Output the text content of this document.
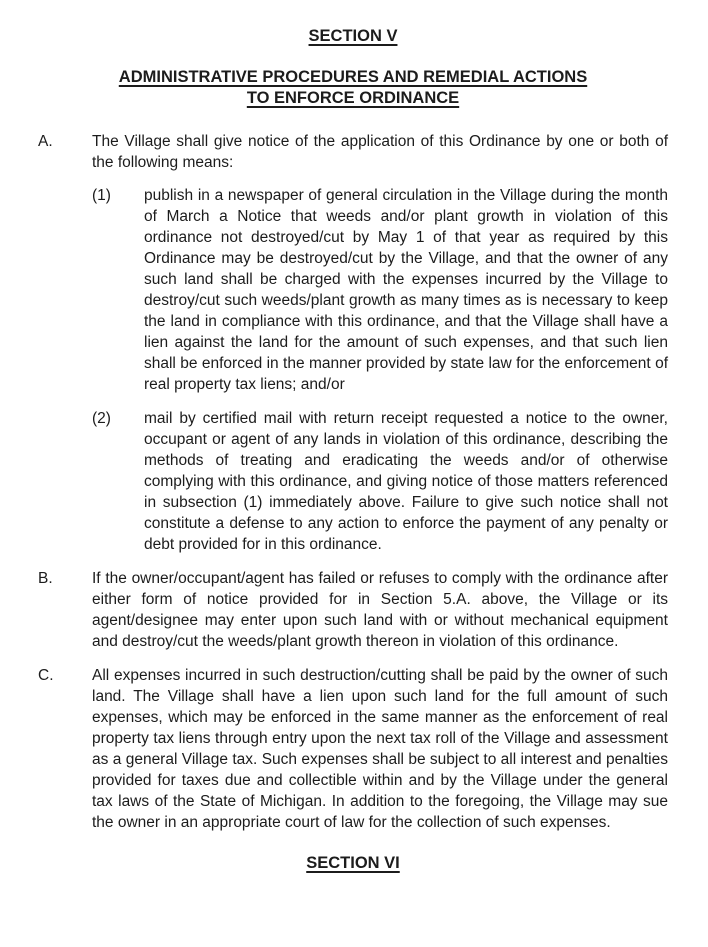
SECTION V
ADMINISTRATIVE PROCEDURES AND REMEDIAL ACTIONS
TO ENFORCE ORDINANCE
A.	The Village shall give notice of the application of this Ordinance by one or both of the following means:

(1)	publish in a newspaper of general circulation in the Village during the month of March a Notice that weeds and/or plant growth in violation of this ordinance not destroyed/cut by May 1 of that year as required by this Ordinance may be destroyed/cut by the Village, and that the owner of any such land shall be charged with the expenses incurred by the Village to destroy/cut such weeds/plant growth as many times as is necessary to keep the land in compliance with this ordinance, and that the Village shall have a lien against the land for the amount of such expenses, and that such lien shall be enforced in the manner provided by state law for the enforcement of real property tax liens; and/or

(2)	mail by certified mail with return receipt requested a notice to the owner, occupant or agent of any lands in violation of this ordinance, describing the methods of treating and eradicating the weeds and/or of otherwise complying with this ordinance, and giving notice of those matters referenced in subsection (1) immediately above. Failure to give such notice shall not constitute a defense to any action to enforce the payment of any penalty or debt provided for in this ordinance.

B.	If the owner/occupant/agent has failed or refuses to comply with the ordinance after either form of notice provided for in Section 5.A. above, the Village or its agent/designee may enter upon such land with or without mechanical equipment and destroy/cut the weeds/plant growth thereon in violation of this ordinance.

C.	All expenses incurred in such destruction/cutting shall be paid by the owner of such land. The Village shall have a lien upon such land for the full amount of such expenses, which may be enforced in the same manner as the enforcement of real property tax liens through entry upon the next tax roll of the Village and assessment as a general Village tax. Such expenses shall be subject to all interest and penalties provided for taxes due and collectible within and by the Village under the general tax laws of the State of Michigan. In addition to the foregoing, the Village may sue the owner in an appropriate court of law for the collection of such expenses.

SECTION VI
